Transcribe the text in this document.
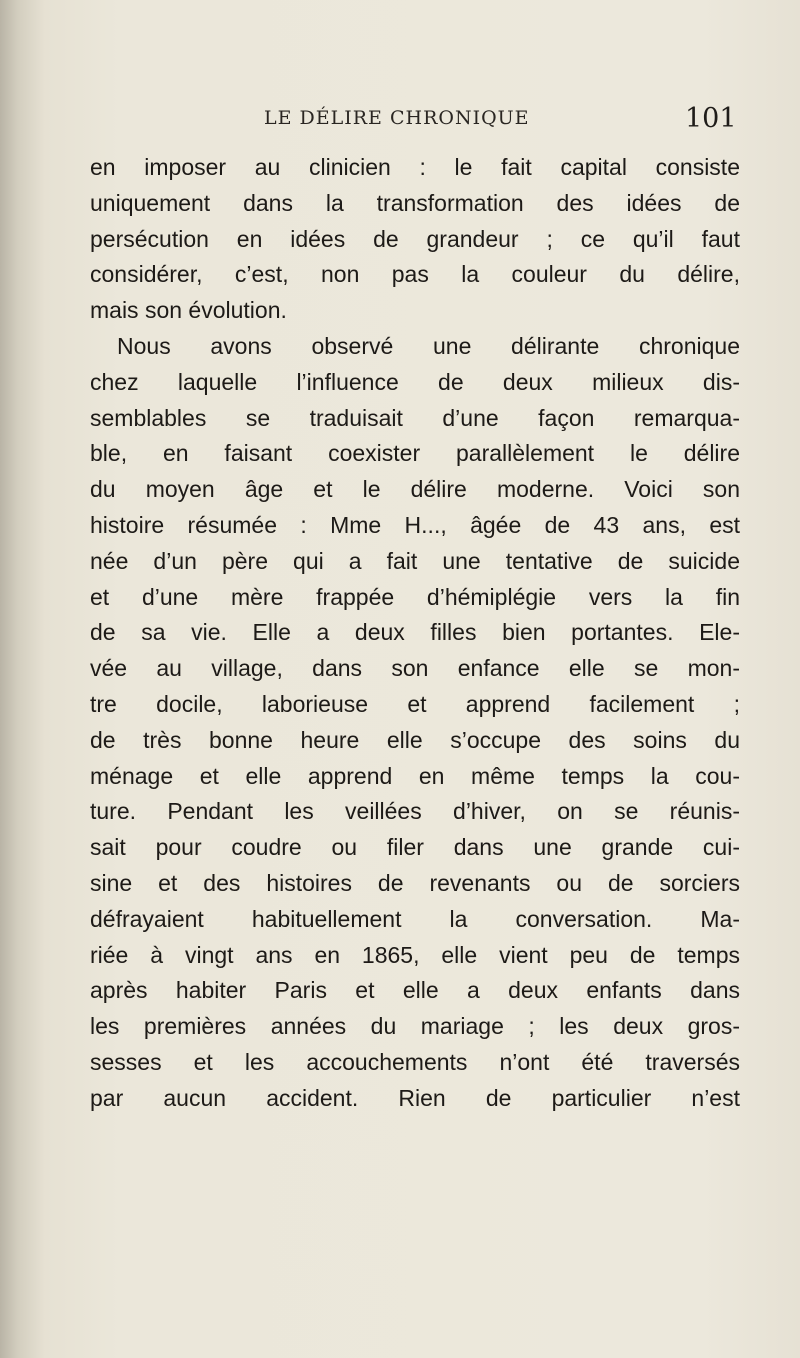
LE DÉLIRE CHRONIQUE	101
en imposer au clinicien : le fait capital consiste
uniquement dans la transformation des idées de
persécution en idées de grandeur ; ce qu’il faut
considérer, c’est, non pas la couleur du délire,
mais son évolution.
Nous avons observé une délirante chronique
chez laquelle l’influence de deux milieux dis-
semblables se traduisait d’une façon remarqua-
ble, en faisant coexister parallèlement le délire
du moyen âge et le délire moderne. Voici son
histoire résumée : Mme H..., âgée de 43 ans, est
née d’un père qui a fait une tentative de suicide
et d’une mère frappée d’hémiplégie vers la fin
de sa vie. Elle a deux filles bien portantes. Ele-
vée au village, dans son enfance elle se mon-
tre docile, laborieuse et apprend facilement ;
de très bonne heure elle s’occupe des soins du
ménage et elle apprend en même temps la cou-
ture. Pendant les veillées d’hiver, on se réunis-
sait pour coudre ou filer dans une grande cui-
sine et des histoires de revenants ou de sorciers
défrayaient habituellement la conversation. Ma-
riée à vingt ans en 1865, elle vient peu de temps
après habiter Paris et elle a deux enfants dans
les premières années du mariage ; les deux gros-
sesses et les accouchements n’ont été traversés
par aucun accident. Rien de particulier n’est
